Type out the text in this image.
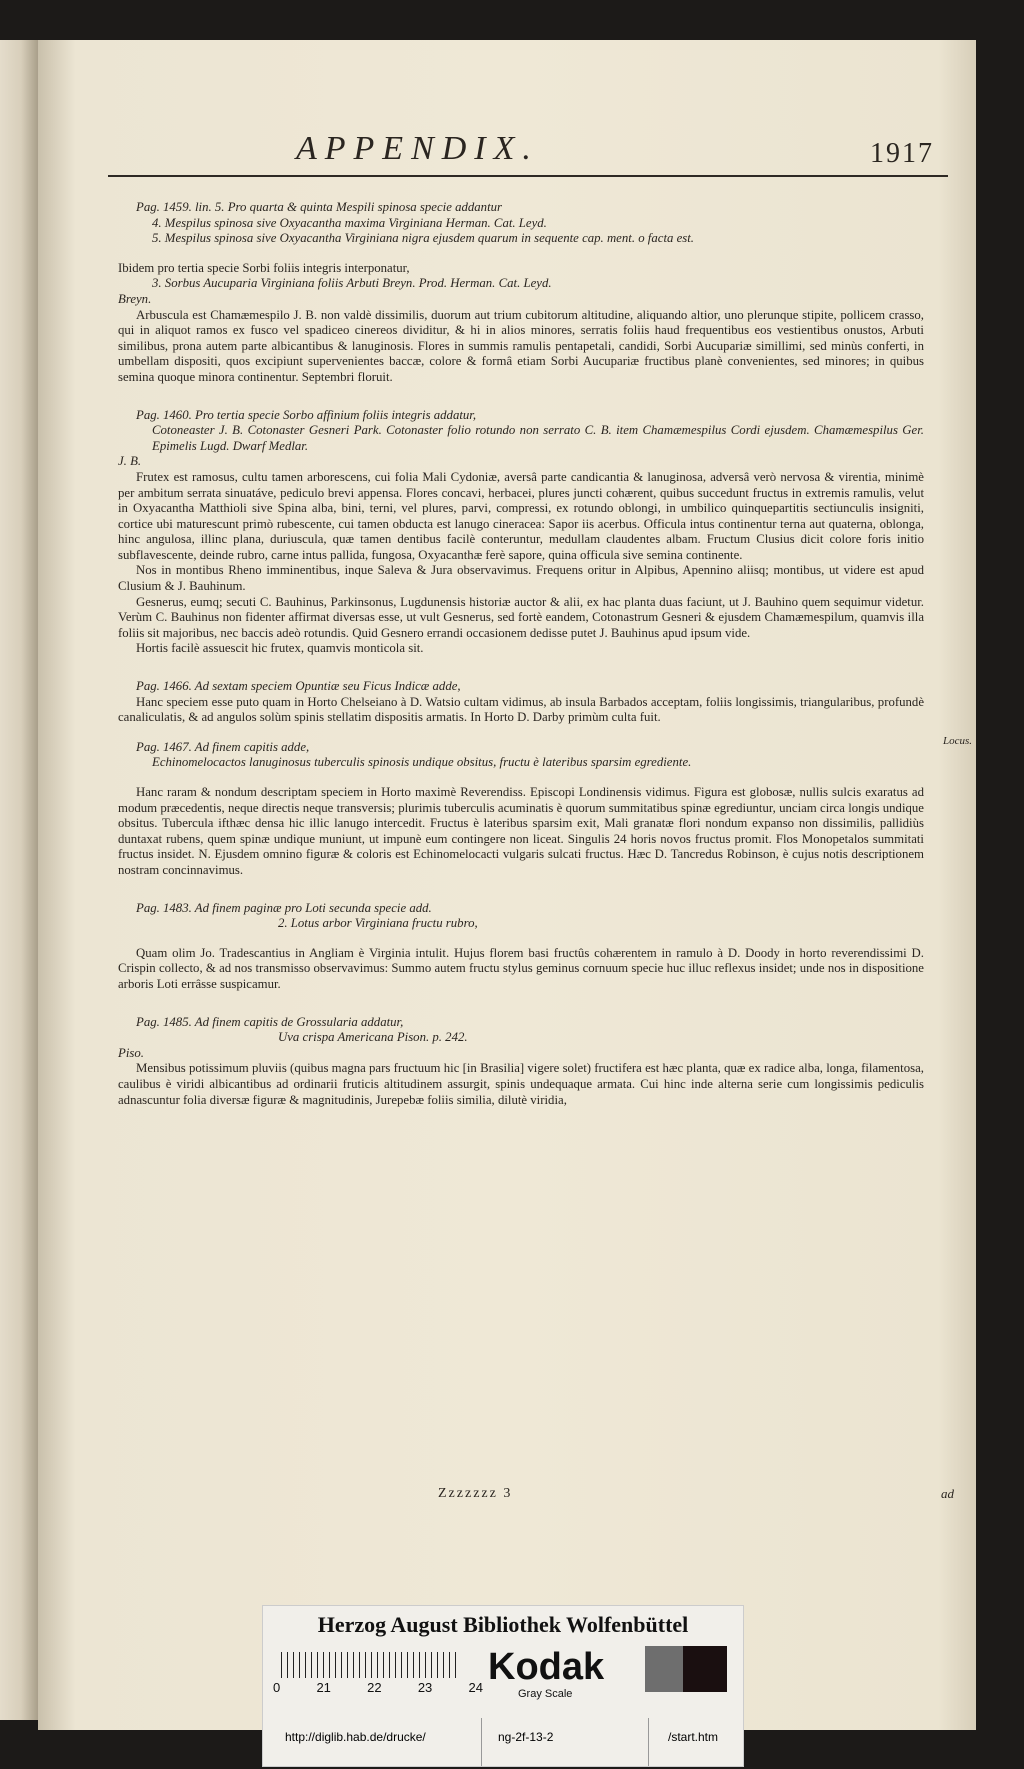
APPENDIX.	1917

Pag. 1459. lin. 5. Pro quarta & quinta Mespili spinosa specie addantur

4. Mespilus spinosa sive Oxyacantha maxima Virginiana Herman. Cat. Leyd.

5. Mespilus spinosa sive Oxyacantha Virginiana nigra ejusdem quarum in sequente cap. ment. o facta est.

Ibidem pro tertia specie Sorbi foliis integris interponatur,

3. Sorbus Aucuparia Virginiana foliis Arbuti Breyn. Prod. Herman. Cat. Leyd.

Breyn.

Arbuscula est Chamæmespilo J. B. non valdè dissimilis, duorum aut trium cubitorum altitudine, aliquando altior, uno plerunque stipite, pollicem crasso, qui in aliquot ramos ex fusco vel spadiceo cinereos dividitur, & hi in alios minores, serratis foliis haud frequentibus eos vestientibus onustos, Arbuti similibus, prona autem parte albicantibus & lanuginosis. Flores in summis ramulis pentapetali, candidi, Sorbi Aucupariæ simillimi, sed minùs conferti, in umbellam dispositi, quos excipiunt supervenientes baccæ, colore & formâ etiam Sorbi Aucupariæ fructibus planè convenientes, sed minores; in quibus semina quoque minora continentur. Septembri floruit.

Pag. 1460. Pro tertia specie Sorbo affinium foliis integris addatur,

Cotoneaster J. B. Cotonaster Gesneri Park. Cotonaster folio rotundo non serrato C. B. item Chamæmespilus Cordi ejusdem. Chamæmespilus Ger. Epimelis Lugd. Dwarf Medlar.

J. B.

Frutex est ramosus, cultu tamen arborescens, cui folia Mali Cydoniæ, aversâ parte candicantia & lanuginosa, adversâ verò nervosa & virentia, minimè per ambitum serrata sinuatáve, pediculo brevi appensa. Flores concavi, herbacei, plures juncti cohærent, quibus succedunt fructus in extremis ramulis, velut in Oxyacantha Matthioli sive Spina alba, bini, terni, vel plures, parvi, compressi, ex rotundo oblongi, in umbilico quinquepartitis sectiunculis insigniti, cortice ubi maturescunt primò rubescente, cui tamen obducta est lanugo cineracea: Sapor iis acerbus. Officula intus continentur terna aut quaterna, oblonga, hinc angulosa, illinc plana, duriuscula, quæ tamen dentibus facilè conteruntur, medullam claudentes albam. Fructum Clusius dicit colore foris initio subflavescente, deinde rubro, carne intus pallida, fungosa, Oxyacanthæ ferè sapore, quina officula sive semina continente.

Nos in montibus Rheno imminentibus, inque Saleva & Jura observavimus. Frequens oritur in Alpibus, Apennino aliisq; montibus, ut videre est apud Clusium & J. Bauhinum.

Gesnerus, eumq; secuti C. Bauhinus, Parkinsonus, Lugdunensis historiæ auctor & alii, ex hac planta duas faciunt, ut J. Bauhino quem sequimur videtur. Verùm C. Bauhinus non fidenter affirmat diversas esse, ut vult Gesnerus, sed fortè eandem, Cotonastrum Gesneri & ejusdem Chamæmespilum, quamvis illa foliis sit majoribus, nec baccis adeò rotundis. Quid Gesnero errandi occasionem dedisse putet J. Bauhinus apud ipsum vide.

Hortis facilè assuescit hic frutex, quamvis monticola sit.

Pag. 1466. Ad sextam speciem Opuntiæ seu Ficus Indicæ adde,

Hanc speciem esse puto quam in Horto Chelseiano à D. Watsio cultam vidimus, ab insula Barbados acceptam, foliis longissimis, triangularibus, profundè canaliculatis, & ad angulos solùm spinis stellatim dispositis armatis. In Horto D. Darby primùm culta fuit.

Pag. 1467. Ad finem capitis adde,

Echinomelocactos lanuginosus tuberculis spinosis undique obsitus, fructu è lateribus sparsim egrediente.

Hanc raram & nondum descriptam speciem in Horto maximè Reverendiss. Episcopi Londinensis vidimus. Figura est globosæ, nullis sulcis exaratus ad modum præcedentis, neque directis neque transversis; plurimis tuberculis acuminatis è quorum summitatibus spinæ egrediuntur, unciam circa longis undique obsitus. Tubercula ifthæc densa hic illic lanugo intercedit. Fructus è lateribus sparsim exit, Mali granatæ flori nondum expanso non dissimilis, pallidiùs duntaxat rubens, quem spinæ undique muniunt, ut impunè eum contingere non liceat. Singulis 24 horis novos fructus promit. Flos Monopetalos summitati fructus insidet. N. Ejusdem omnino figuræ & coloris est Echinomelocacti vulgaris sulcati fructus. Hæc D. Tancredus Robinson, è cujus notis descriptionem nostram concinnavimus.

Pag. 1483. Ad finem paginæ pro Loti secunda specie add.

2. Lotus arbor Virginiana fructu rubro,

Quam olim Jo. Tradescantius in Angliam è Virginia intulit. Hujus florem basi fructûs cohærentem in ramulo à D. Doody in horto reverendissimi D. Crispin collecto, & ad nos transmisso observavimus: Summo autem fructu stylus geminus cornuum specie huc illuc reflexus insidet; unde nos in dispositione arboris Loti errâsse suspicamur.

Pag. 1485. Ad finem capitis de Grossularia addatur,

Uva crispa Americana Pison. p. 242.

Piso.

Mensibus potissimum pluviis (quibus magna pars fructuum hic [in Brasilia] vigere solet) fructifera est hæc planta, quæ ex radice alba, longa, filamentosa, caulibus è viridi albicantibus ad ordinarii fruticis altitudinem assurgit, spinis undequaque armata. Cui hinc inde alterna serie cum longissimis pediculis adnascuntur folia diversæ figuræ & magnitudinis, Jurepebæ foliis similia, dilutè viridia,

Locus.
Zzzzzzz 3	ad
Herzog August Bibliothek Wolfenbüttel
0	21	22	23	24 Kodak
Gray Scale
http://diglib.hab.de/drucke/	ng-2f-13-2	/start.htm
